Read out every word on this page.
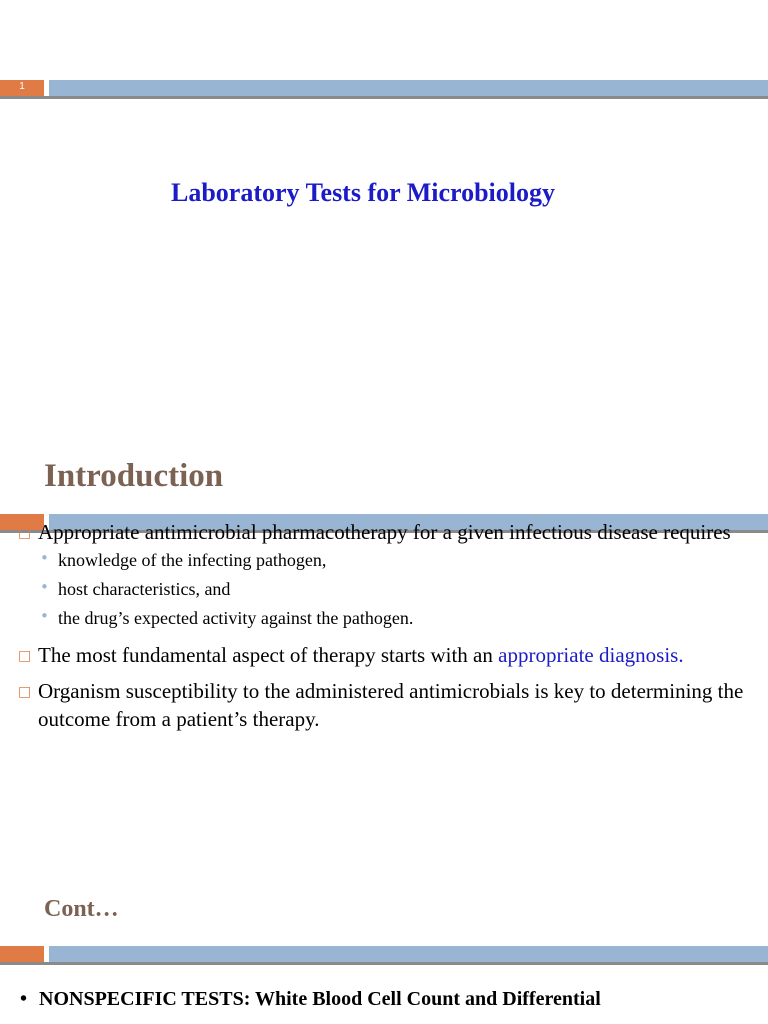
1
Laboratory Tests for Microbiology
Introduction
□ Appropriate antimicrobial pharmacotherapy for a given infectious disease requires
• knowledge of the infecting pathogen,
• host characteristics, and
• the drug’s expected activity against the pathogen.
□ The most fundamental aspect of therapy starts with an appropriate diagnosis.
□ Organism susceptibility to the administered antimicrobials is key to determining the outcome from a patient’s therapy.
Cont…
• NONSPECIFIC TESTS: White Blood Cell Count and Differential
